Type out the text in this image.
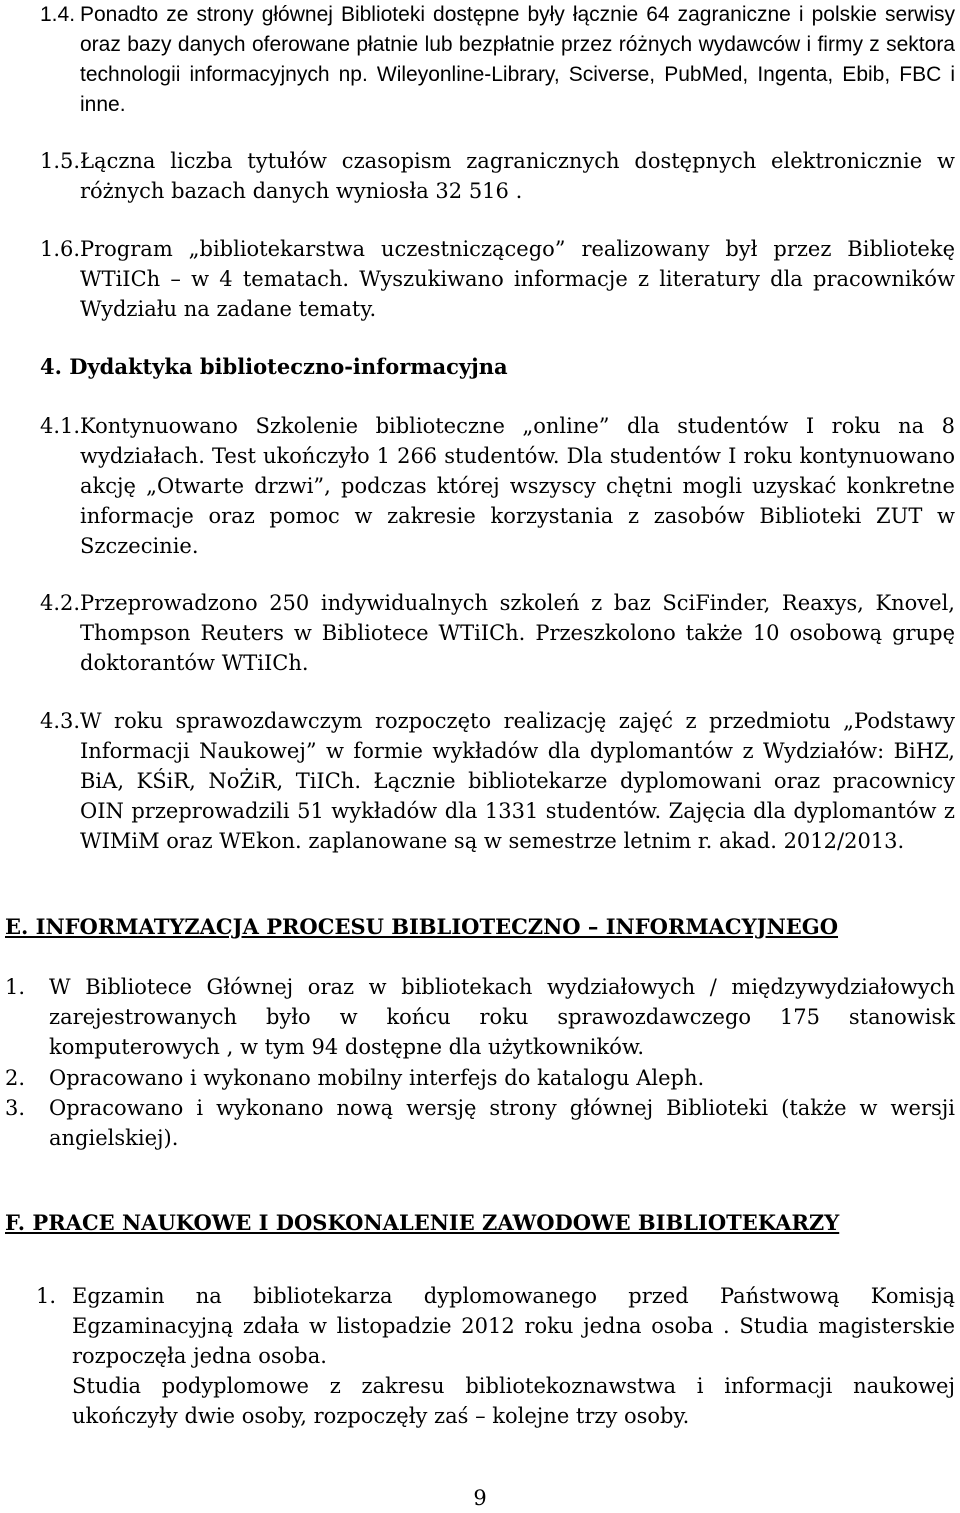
1.4. Ponadto ze strony głównej Biblioteki dostępne były łącznie 64 zagraniczne i polskie serwisy oraz bazy danych oferowane płatnie lub bezpłatnie przez różnych wydawców i firmy z sektora technologii informacyjnych np. Wileyonline-Library, Sciverse, PubMed, Ingenta, Ebib, FBC i inne.
1.5. Łączna liczba tytułów czasopism zagranicznych dostępnych elektronicznie w różnych bazach danych wyniosła 32 516 .
1.6. Program „bibliotekarstwa uczestniczącego” realizowany był przez Bibliotekę WTiICh – w 4 tematach. Wyszukiwano informacje z literatury dla pracowników Wydziału na zadane tematy.
4. Dydaktyka biblioteczno-informacyjna
4.1. Kontynuowano Szkolenie biblioteczne „online” dla studentów I roku na 8 wydziałach. Test ukończyło 1 266 studentów. Dla studentów I roku kontynuowano akcję „Otwarte drzwi”, podczas której wszyscy chętni mogli uzyskać konkretne informacje oraz pomoc w zakresie korzystania z zasobów Biblioteki ZUT w Szczecinie.
4.2. Przeprowadzono 250 indywidualnych szkoleń z baz SciFinder, Reaxys, Knovel, Thompson Reuters w Bibliotece WTiICh. Przeszkolono także 10 osobową grupę doktorantów WTiICh.
4.3. W roku sprawozdawczym rozpoczęto realizację zajęć z przedmiotu „Podstawy Informacji Naukowej” w formie wykładów dla dyplomantów z Wydziałów: BiHZ, BiA, KŚiR, NoŻiR, TiICh. Łącznie bibliotekarze dyplomowani oraz pracownicy OIN przeprowadzili 51 wykładów dla 1331 studentów. Zajęcia dla dyplomantów z WIMiM oraz WEkon. zaplanowane są w semestrze letnim r. akad. 2012/2013.
E. INFORMATYZACJA PROCESU BIBLIOTECZNO – INFORMACYJNEGO
1.	W Bibliotece Głównej oraz w bibliotekach wydziałowych / międzywydziałowych zarejestrowanych było w końcu roku sprawozdawczego 175 stanowisk komputerowych , w tym 94 dostępne dla użytkowników.
2.	Opracowano i wykonano mobilny interfejs do katalogu Aleph.
3.	Opracowano i wykonano nową wersję strony głównej Biblioteki (także w wersji angielskiej).
F. PRACE NAUKOWE I DOSKONALENIE ZAWODOWE BIBLIOTEKARZY
1. Egzamin na bibliotekarza dyplomowanego przed Państwową Komisją Egzaminacyjną zdała w listopadzie 2012 roku jedna osoba . Studia magisterskie rozpoczęła jedna osoba.
Studia podyplomowe z zakresu bibliotekoznawstwa i informacji naukowej ukończyły dwie osoby, rozpoczęły zaś – kolejne trzy osoby.
9
